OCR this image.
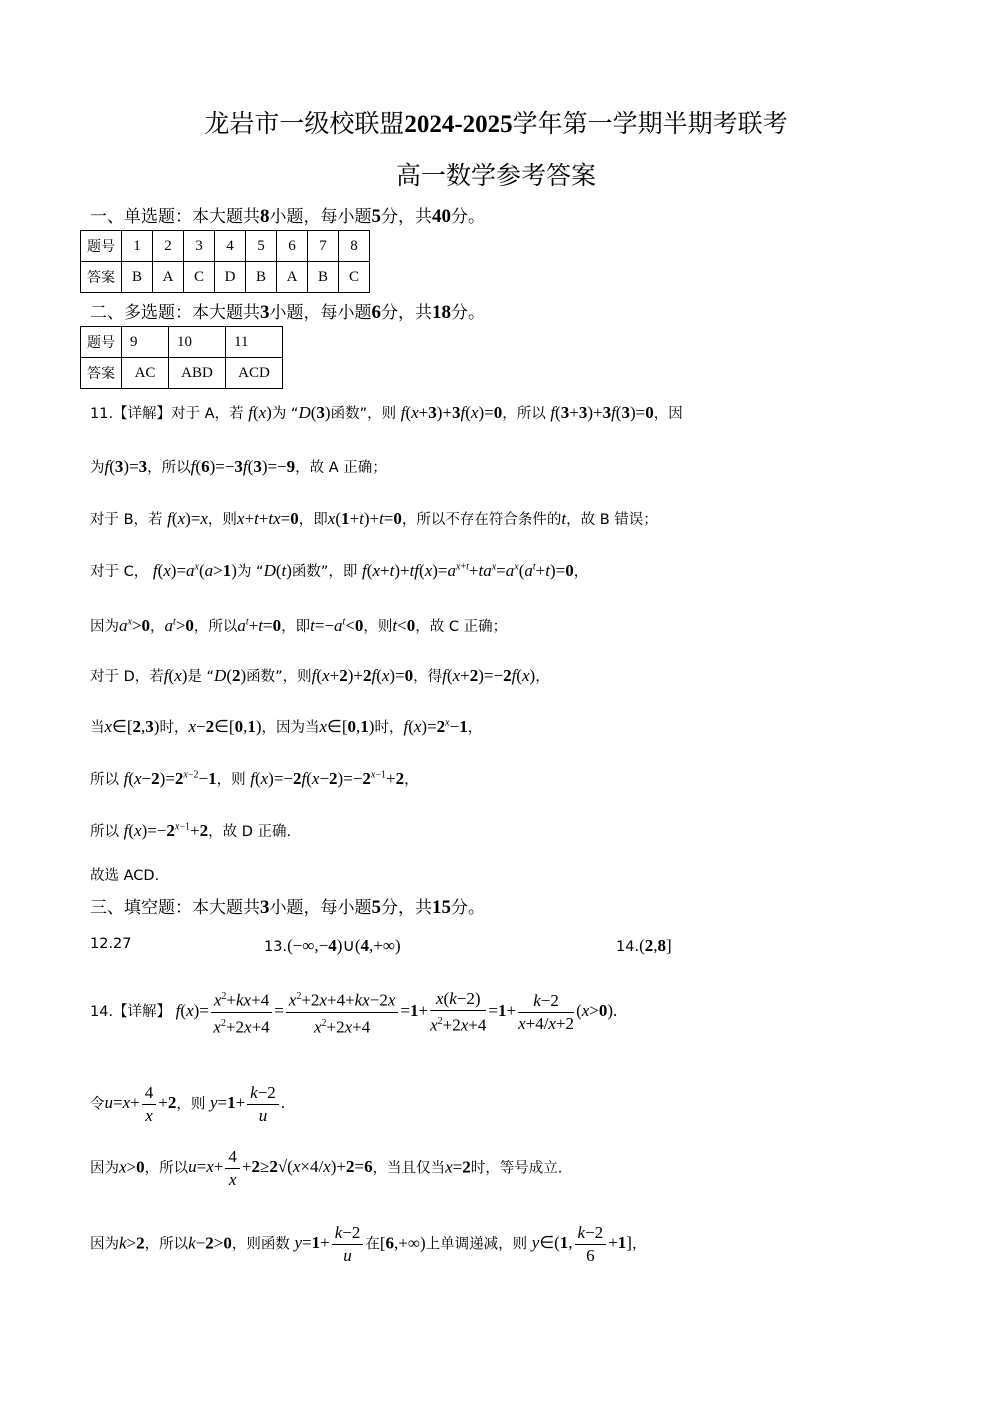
龙岩市一级校联盟2024-2025学年第一学期半期考联考
高一数学参考答案
一、单选题：本大题共8小题，每小题5分，共40分。
题号	1	2	3	4	5	6	7	8
答案	B	A	C	D	B	A	B	C
二、多选题：本大题共3小题，每小题6分，共18分。
题号	9	10	11
答案	AC	ABD	ACD
11.【详解】对于 A，若 f(x)为 “D(3)函数”，则 f(x+3)+3f(x)=0，所以 f(3+3)+3f(3)=0，因
为f(3)=3，所以f(6)=−3f(3)=−9，故 A 正确；
对于 B，若 f(x)=x，则x+t+tx=0，即x(1+t)+t=0，所以不存在符合条件的t，故 B 错误；
对于 C， $f(x)=a^x(a>1)$为 “D(t)函数”，即 $f(x+t)+tf(x)=a^{x+t}+ta^x=a^x(a^t+t)=0$，
因为$a^x>0$，$a^t>0$，所以$a^t+t=0$，即$t=-a^t<0$，则t<0，故 C 正确；
对于 D，若f(x)是 “D(2)函数”，则f(x+2)+2f(x)=0，得f(x+2)=−2f(x)，
当x∈[2,3)时，x−2∈[0,1)，因为当x∈[0,1)时，$f(x)=2^x-1$，
所以 $f(x-2)=2^{x-2}-1$，则 $f(x)=-2f(x-2)=-2^{x-1}+2$，
所以 $f(x)=-2^{x-1}+2$，故 D 正确.
故选 ACD.
三、填空题：本大题共3小题，每小题5分，共15分。
12.27	13.(−∞,−4)∪(4,+∞)	14.(2,8]
14.【详解】 $f(x)= \frac{x^2+kx+4}{x^2+2x+4} = \frac{x^2+2x+4+kx-2x}{x^2+2x+4} =1+ \frac{x(k-2)}{x^2+2x+4} =1+ \frac{k-2}{x+4/x+2} (x>0)$.
令$u=x+ \frac{4}{x} +2$，则 $y=1+ \frac{k-2}{u}$ .
因为x>0，所以$u=x+ \frac{4}{x} +2\ge 2√(x\times 4/x)+2=6$，当且仅当x=2时，等号成立.
因为k>2，所以k−2>0，则函数 $y=1+ \frac{k-2}{u}$ 在[6,+∞)上单调递减，则 y∈(1, $\frac{k-2}{6} +1$]，
